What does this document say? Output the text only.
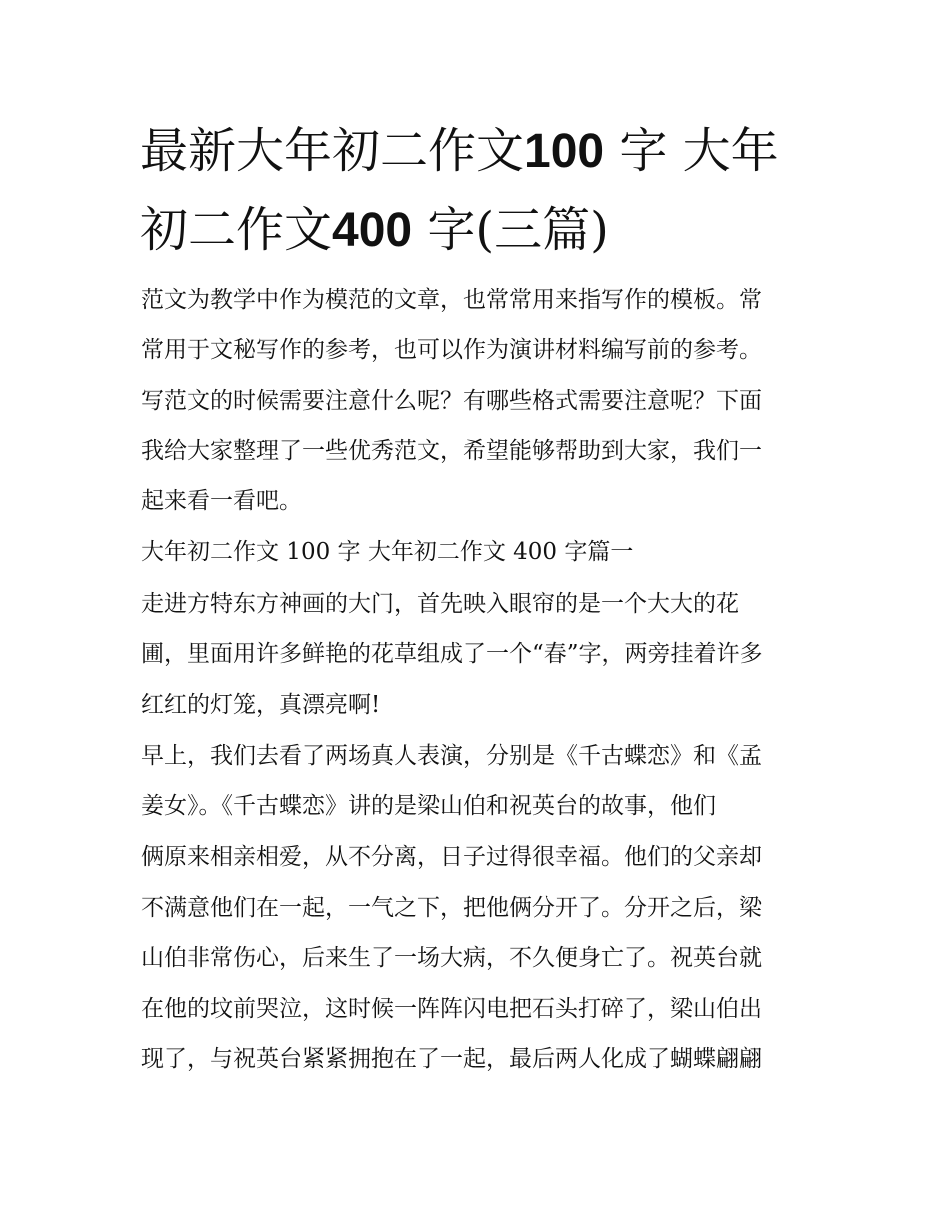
最新大年初二作文100 字 大年
初二作文400 字(三篇)
范文为教学中作为模范的文章，也常常用来指写作的模板。常
常用于文秘写作的参考，也可以作为演讲材料编写前的参考。
写范文的时候需要注意什么呢？有哪些格式需要注意呢？下面
我给大家整理了一些优秀范文，希望能够帮助到大家，我们一
起来看一看吧。
大年初二作文 100 字 大年初二作文 400 字篇一
走进方特东方神画的大门，首先映入眼帘的是一个大大的花
圃，里面用许多鲜艳的花草组成了一个“春”字，两旁挂着许多
红红的灯笼，真漂亮啊!
早上，我们去看了两场真人表演，分别是《千古蝶恋》和《孟
姜女》。《千古蝶恋》讲的是梁山伯和祝英台的故事，他们
俩原来相亲相爱，从不分离，日子过得很幸福。他们的父亲却
不满意他们在一起，一气之下，把他俩分开了。分开之后，梁
山伯非常伤心，后来生了一场大病，不久便身亡了。祝英台就
在他的坟前哭泣，这时候一阵阵闪电把石头打碎了，梁山伯出
现了，与祝英台紧紧拥抱在了一起，最后两人化成了蝴蝶翩翩
